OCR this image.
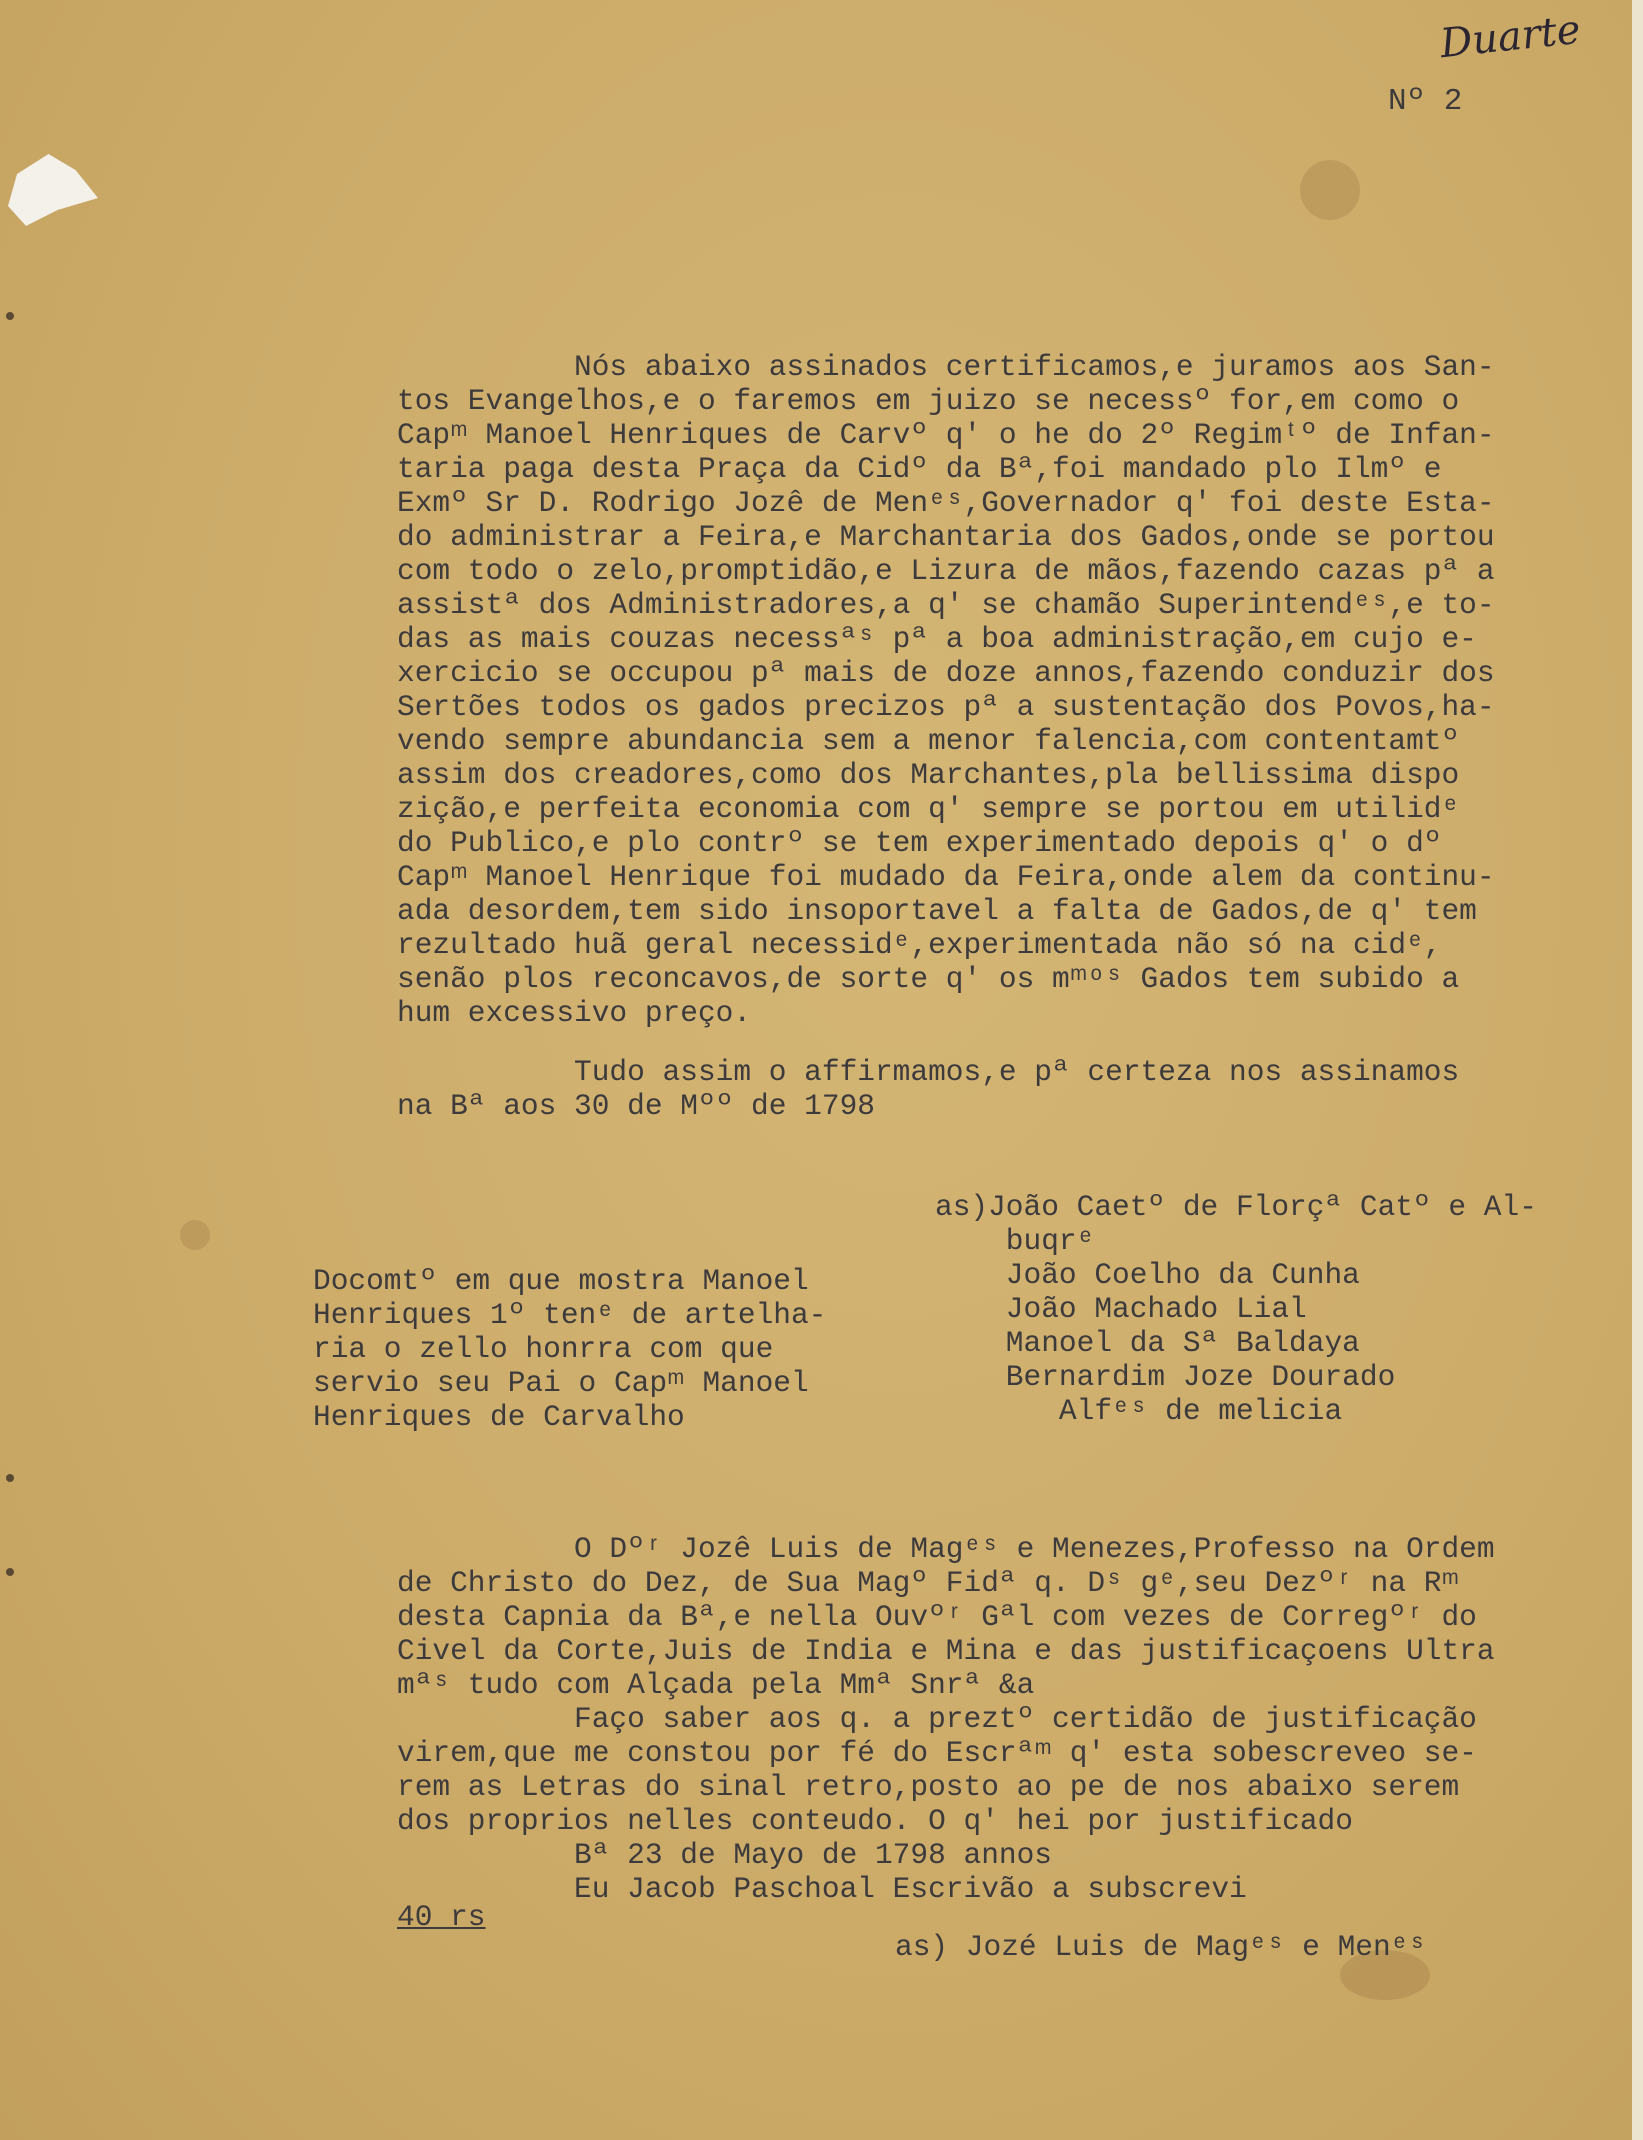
Duarte
Nº 2
Nós abaixo assinados certificamos,e juramos aos San-
tos Evangelhos,e o faremos em juizo se necessº for,em como o
Capᵐ Manoel Henriques de Carvº q' o he do 2º Regimᵗº de Infan-
taria paga desta Praça da Cidº da Bª,foi mandado plo Ilmº e
Exmº Sr D. Rodrigo Jozê de Menᵉˢ,Governador q' foi deste Esta-
do administrar a Feira,e Marchantaria dos Gados,onde se portou
com todo o zelo,promptidão,e Lizura de mãos,fazendo cazas pª a
assistª dos Administradores,a q' se chamão Superintendᵉˢ,e to-
das as mais couzas necessªˢ pª a boa administração,em cujo e-
xercicio se occupou pª mais de doze annos,fazendo conduzir dos
Sertões todos os gados precizos pª a sustentação dos Povos,ha-
vendo sempre abundancia sem a menor falencia,com contentamtº
assim dos creadores,como dos Marchantes,pla bellissima dispo
zição,e perfeita economia com q' sempre se portou em utilidᵉ
do Publico,e plo contrº se tem experimentado depois q' o dº
Capᵐ Manoel Henrique foi mudado da Feira,onde alem da continu-
ada desordem,tem sido insoportavel a falta de Gados,de q' tem
rezultado huã geral necessidᵉ,experimentada não só na cidᵉ,
senão plos reconcavos,de sorte q' os mᵐᵒˢ Gados tem subido a
hum excessivo preço.
Tudo assim o affirmamos,e pª certeza nos assinamos
na Bª aos 30 de Mºº de 1798
as)João Caetº de Florçª Catº e Al-
buqrᵉ
João Coelho da Cunha
João Machado Lial
Manoel da Sª Baldaya
Bernardim Joze Dourado
Alfᵉˢ de melicia
Docomtº em que mostra Manoel
Henriques 1º tenᵉ de artelha-
ria o zello honrra com que
servio seu Pai o Capᵐ Manoel
Henriques de Carvalho
O Dºʳ Jozê Luis de Magᵉˢ e Menezes,Professo na Ordem
de Christo do Dez, de Sua Magº Fidª q. Dˢ gᵉ,seu Dezºʳ na Rᵐ
desta Capnia da Bª,e nella Ouvºʳ Gªl com vezes de Corregºʳ do
Civel da Corte,Juis de India e Mina e das justificaçoens Ultra
mªˢ tudo com Alçada pela Mmª Snrª &a
Faço saber aos q. a preztº certidão de justificação
virem,que me constou por fé do Escrªᵐ q' esta sobescreveo se-
rem as Letras do sinal retro,posto ao pe de nos abaixo serem
dos proprios nelles conteudo. O q' hei por justificado
Bª 23 de Mayo de 1798 annos
Eu Jacob Paschoal Escrivão a subscrevi
40 rs
as) Jozé Luis de Magᵉˢ e Menᵉˢ
